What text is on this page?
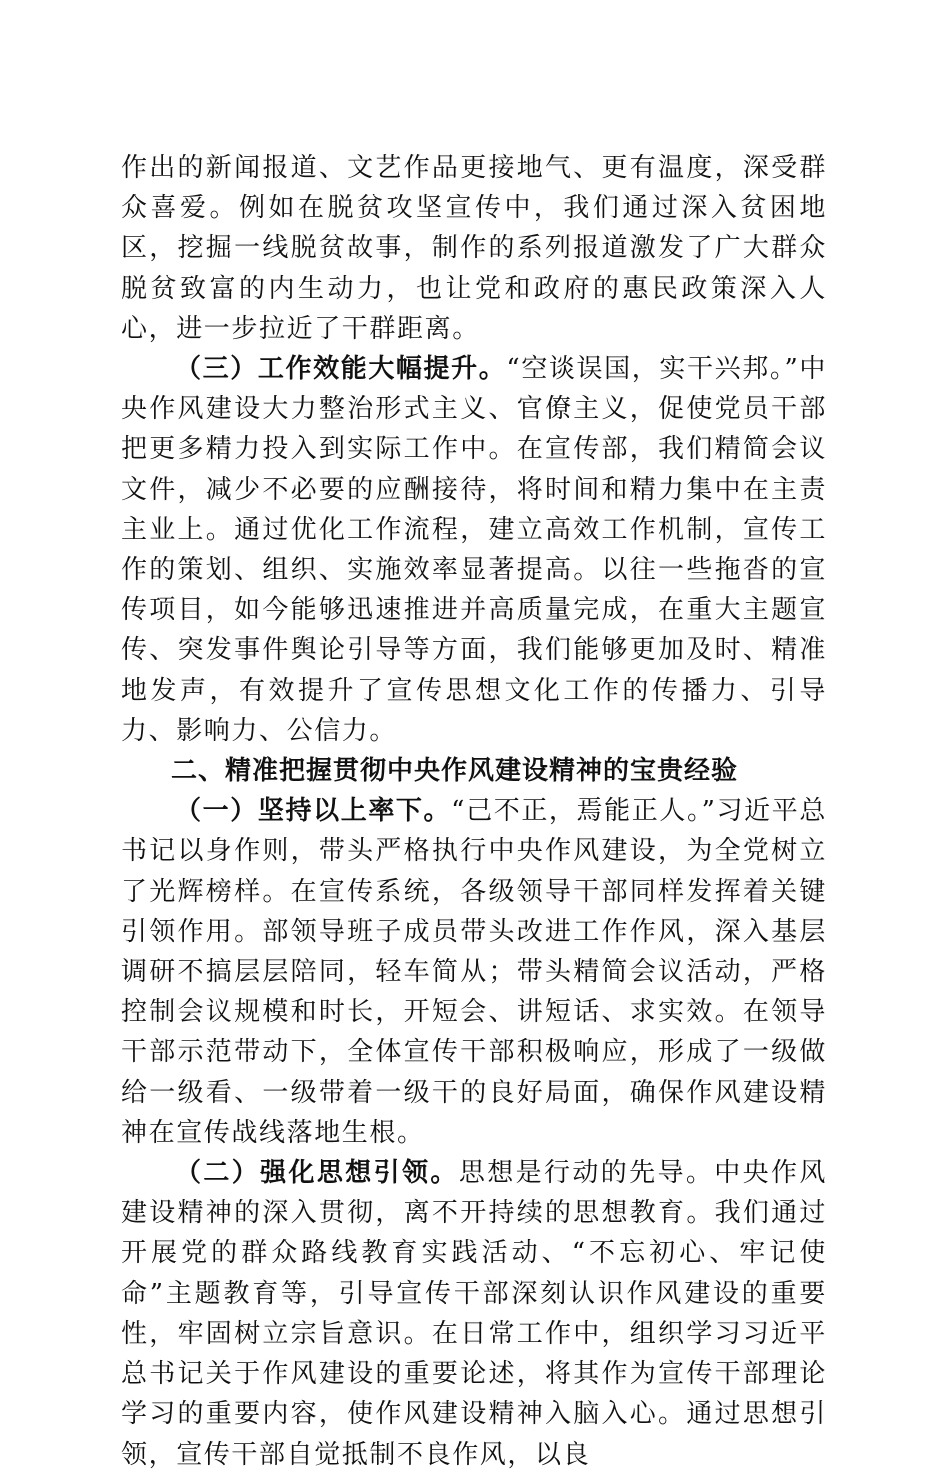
作出的新闻报道、文艺作品更接地气、更有温度，深受群众喜爱。例如在脱贫攻坚宣传中，我们通过深入贫困地区，挖掘一线脱贫故事，制作的系列报道激发了广大群众脱贫致富的内生动力，也让党和政府的惠民政策深入人心，进一步拉近了干群距离。

（三）工作效能大幅提升。“空谈误国，实干兴邦。”中央作风建设大力整治形式主义、官僚主义，促使党员干部把更多精力投入到实际工作中。在宣传部，我们精简会议文件，减少不必要的应酬接待，将时间和精力集中在主责主业上。通过优化工作流程，建立高效工作机制，宣传工作的策划、组织、实施效率显著提高。以往一些拖沓的宣传项目，如今能够迅速推进并高质量完成，在重大主题宣传、突发事件舆论引导等方面，我们能够更加及时、精准地发声，有效提升了宣传思想文化工作的传播力、引导力、影响力、公信力。

二、精准把握贯彻中央作风建设精神的宝贵经验

（一）坚持以上率下。“己不正，焉能正人。”习近平总书记以身作则，带头严格执行中央作风建设，为全党树立了光辉榜样。在宣传系统，各级领导干部同样发挥着关键引领作用。部领导班子成员带头改进工作作风，深入基层调研不搞层层陪同，轻车简从；带头精简会议活动，严格控制会议规模和时长，开短会、讲短话、求实效。在领导干部示范带动下，全体宣传干部积极响应，形成了一级做给一级看、一级带着一级干的良好局面，确保作风建设精神在宣传战线落地生根。

（二）强化思想引领。思想是行动的先导。中央作风建设精神的深入贯彻，离不开持续的思想教育。我们通过开展党的群众路线教育实践活动、“不忘初心、牢记使命”主题教育等，引导宣传干部深刻认识作风建设的重要性，牢固树立宗旨意识。在日常工作中，组织学习习近平总书记关于作风建设的重要论述，将其作为宣传干部理论学习的重要内容，使作风建设精神入脑入心。通过思想引领，宣传干部自觉抵制不良作风，以良
